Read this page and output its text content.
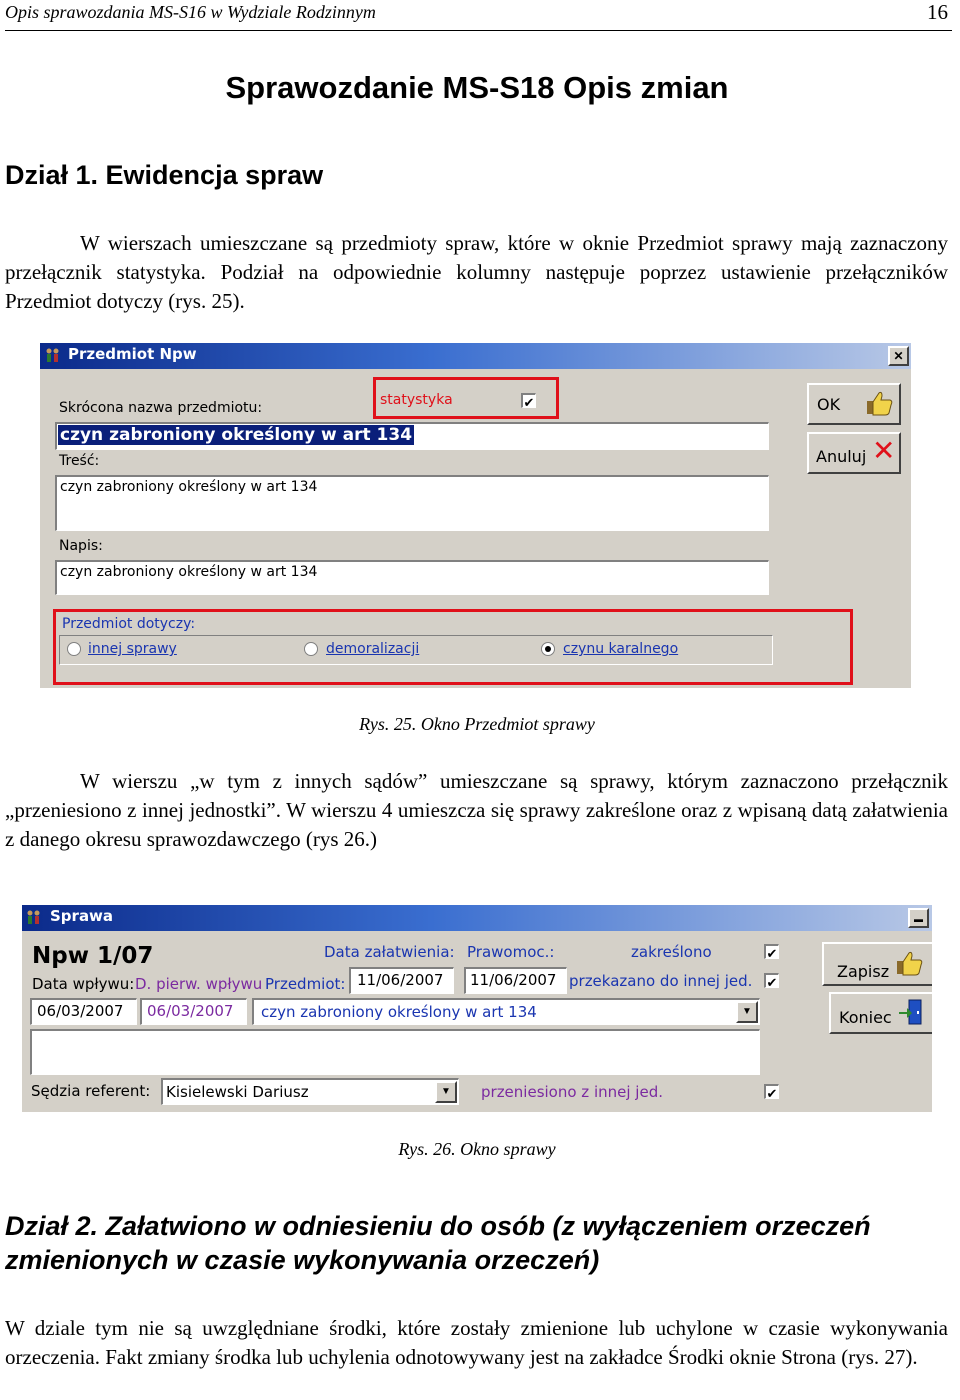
Opis sprawozdania MS-S16 w Wydziale Rodzinnym	16
Sprawozdanie MS-S18 Opis zmian
Dział 1. Ewidencja spraw
W wierszach umieszczane są przedmioty spraw, które w oknie Przedmiot sprawy mają zaznaczony przełącznik statystyka. Podział na odpowiednie kolumny następuje poprzez ustawienie przełączników Przedmiot dotyczy (rys. 25).
Przedmiot Npw	✕
Skrócona nazwa przedmiotu:	statystyka	✔
czyn zabroniony określony w art 134
Treść:
czyn zabroniony określony w art 134
Napis:
czyn zabroniony określony w art 134
Przedmiot dotyczy:
innej sprawy	demoralizacji	czynu karalnego
OK
Anuluj ✕
Rys. 25. Okno Przedmiot sprawy
W wierszu „w tym z innych sądów” umieszczane są sprawy, którym zaznaczono przełącznik „przeniesiono z innej jednostki”. W wierszu 4 umieszcza się sprawy zakreślone oraz z wpisaną datą załatwienia z danego okresu sprawozdawczego (rys 26.)
Sprawa	▬
Npw 1/07	Data załatwienia: Prawomoc.:	zakreślono	✔
Data wpływu: D. pierw. wpływu Przedmiot: 11/06/2007	11/06/2007 przekazano do innej jed. ✔
06/03/2007	06/03/2007	czyn zabroniony określony w art 134	▼
Sędzia referent: Kisielewski Dariusz	▼	przeniesiono z innej jed.	✔
Zapisz
Koniec
Rys. 26. Okno sprawy
Dział 2. Załatwiono w odniesieniu do osób (z wyłączeniem orzeczeń zmienionych w czasie wykonywania orzeczeń)
W dziale tym nie są uwzględniane środki, które zostały zmienione lub uchylone w czasie wykonywania orzeczenia. Fakt zmiany środka lub uchylenia odnotowywany jest na zakładce Środki oknie Strona (rys. 27).
